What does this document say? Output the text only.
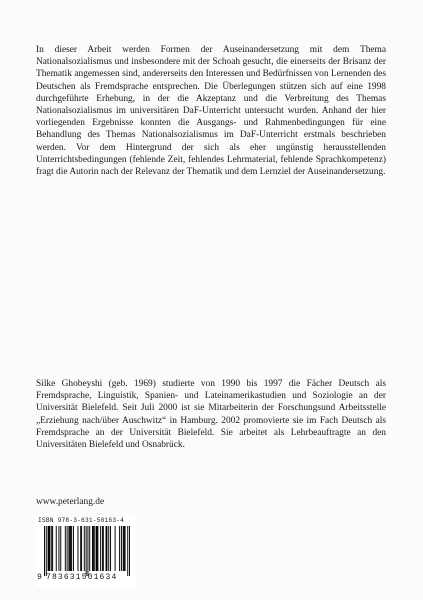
In dieser Arbeit werden Formen der Auseinandersetzung mit dem Thema Nationalsozialismus und insbesondere mit der Schoah gesucht, die einerseits der Brisanz der Thematik angemessen sind, andererseits den Interessen und Bedürfnissen von Lernenden des Deutschen als Fremdsprache entsprechen. Die Überlegungen stützen sich auf eine 1998 durchgeführte Erhebung, in der die Akzeptanz und die Verbreitung des Themas Nationalsozialismus im universitären DaF-Unterricht untersucht wurden. Anhand der hier vorliegenden Ergebnisse konnten die Ausgangs- und Rahmenbedingungen für eine Behandlung des Themas Nationalsozialismus im DaF-Unterricht erstmals beschrieben werden. Vor dem Hintergrund der sich als eher ungünstig herausstellenden Unterrichtsbedingungen (fehlende Zeit, fehlendes Lehrmaterial, fehlende Sprachkompetenz) fragt die Autorin nach der Relevanz der Thematik und dem Lernziel der Auseinandersetzung.
Silke Ghobeyshi (geb. 1969) studierte von 1990 bis 1997 die Fächer Deutsch als Fremdsprache, Linguistik, Spanien- und Lateinamerikastudien und Soziologie an der Universität Bielefeld. Seit Juli 2000 ist sie Mitarbeiterin der Forschungsund Arbeitsstelle „Erziehung nach/über Auschwitz“ in Hamburg. 2002 promovierte sie im Fach Deutsch als Fremdsprache an der Universität Bielefeld. Sie arbeitet als Lehrbeauftragte an den Universitäten Bielefeld und Osnabrück.
www.peterlang.de
ISBN 978-3-631-50163-4
9 783631501634
